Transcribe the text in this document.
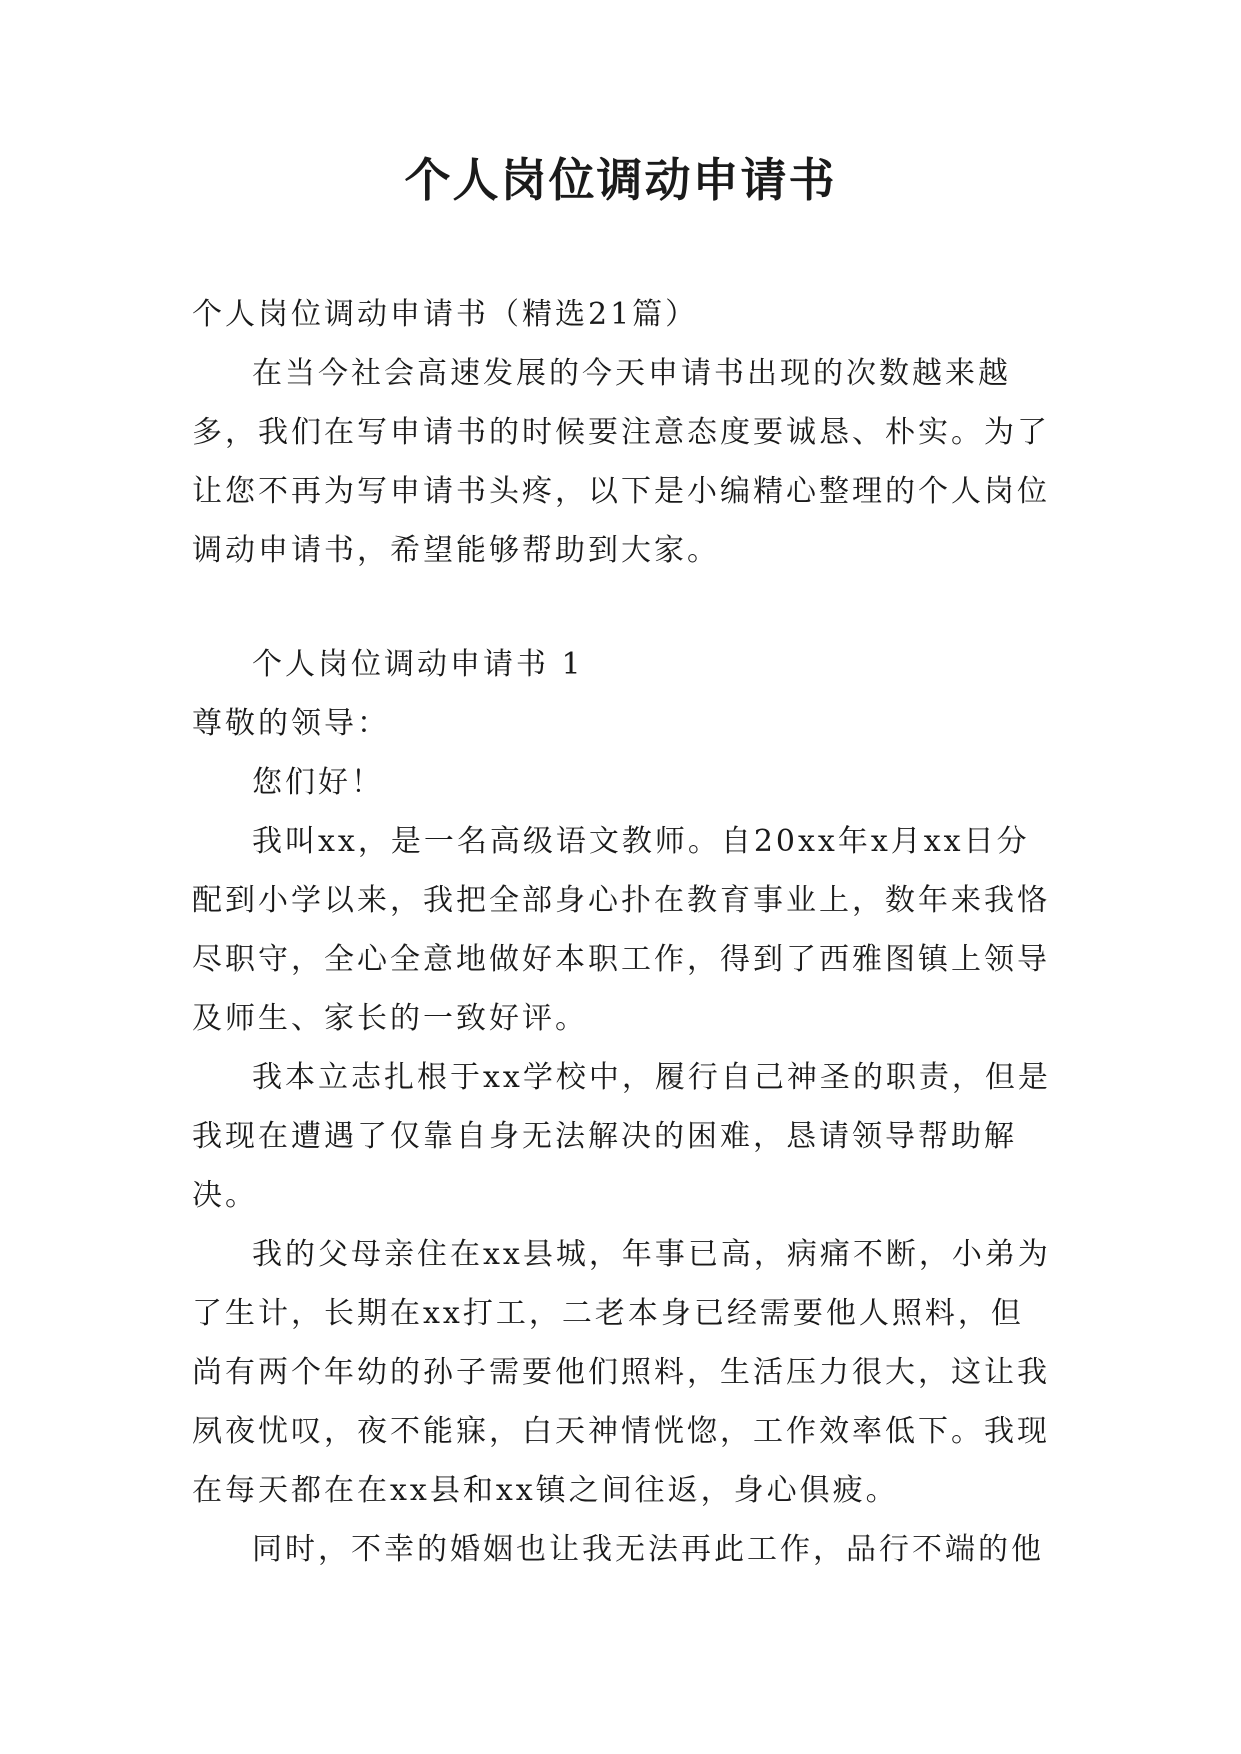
个人岗位调动申请书

个人岗位调动申请书（精选21篇）

在当今社会高速发展的今天申请书出现的次数越来越多，我们在写申请书的时候要注意态度要诚恳、朴实。为了让您不再为写申请书头疼，以下是小编精心整理的个人岗位调动申请书，希望能够帮助到大家。

个人岗位调动申请书 1

尊敬的领导：

您们好！

我叫xx，是一名高级语文教师。自20xx年x月xx日分配到小学以来，我把全部身心扑在教育事业上，数年来我恪尽职守，全心全意地做好本职工作，得到了西雅图镇上领导及师生、家长的一致好评。

我本立志扎根于xx学校中，履行自己神圣的职责，但是我现在遭遇了仅靠自身无法解决的困难，恳请领导帮助解决。

我的父母亲住在xx县城，年事已高，病痛不断，小弟为了生计，长期在xx打工，二老本身已经需要他人照料，但尚有两个年幼的孙子需要他们照料，生活压力很大，这让我夙夜忧叹，夜不能寐，白天神情恍惚，工作效率低下。我现在每天都在在xx县和xx镇之间往返，身心俱疲。

同时，不幸的婚姻也让我无法再此工作，品行不端的他
